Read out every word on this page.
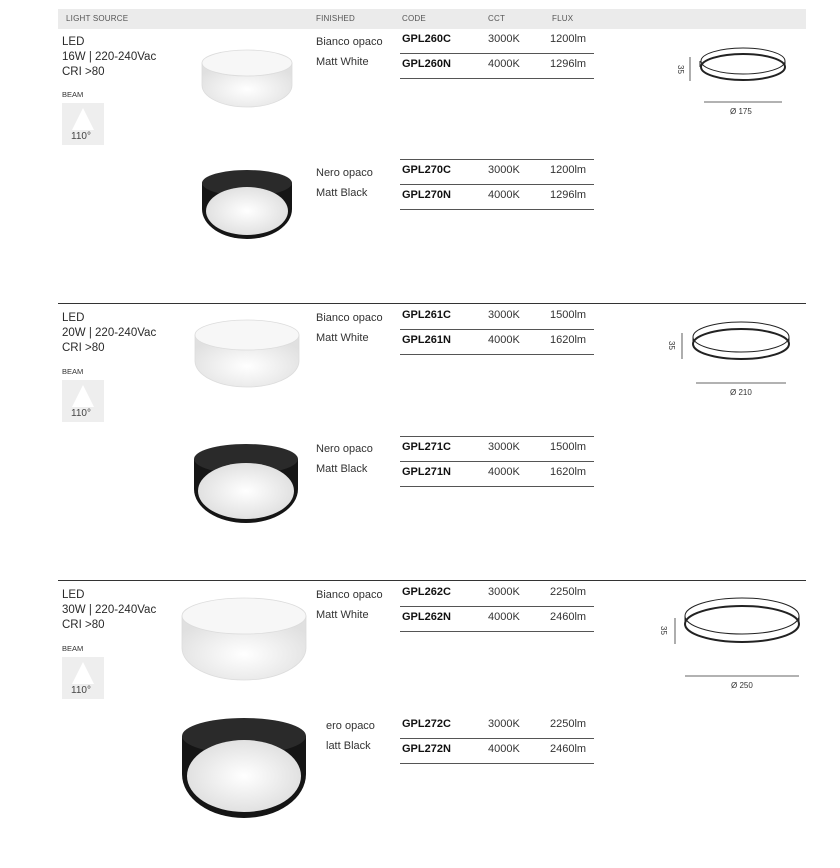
LIGHT SOURCE	FINISHED	CODE	CCT	FLUX
LED
16W | 220-240Vac
CRI >80
BEAM
110°
Bianco opaco
Matt White
GPL260C	3000K	1200lm
GPL260N	4000K	1296lm	35
Ø 175
Nero opaco
Matt Black
GPL270C	3000K	1200lm
GPL270N	4000K	1296lm
LED
20W | 220-240Vac
CRI >80
BEAM
110°
Bianco opaco
Matt White
GPL261C	3000K	1500lm
GPL261N	4000K	1620lm	35
Ø 210
Nero opaco
Matt Black
GPL271C	3000K	1500lm
GPL271N	4000K	1620lm
LED
30W | 220-240Vac
CRI >80
BEAM
110°
Bianco opaco
Matt White
GPL262C	3000K	2250lm
GPL262N	4000K	2460lm
35
Ø 250
ero opaco
latt Black
GPL272C	3000K	2250lm
GPL272N	4000K	2460lm
